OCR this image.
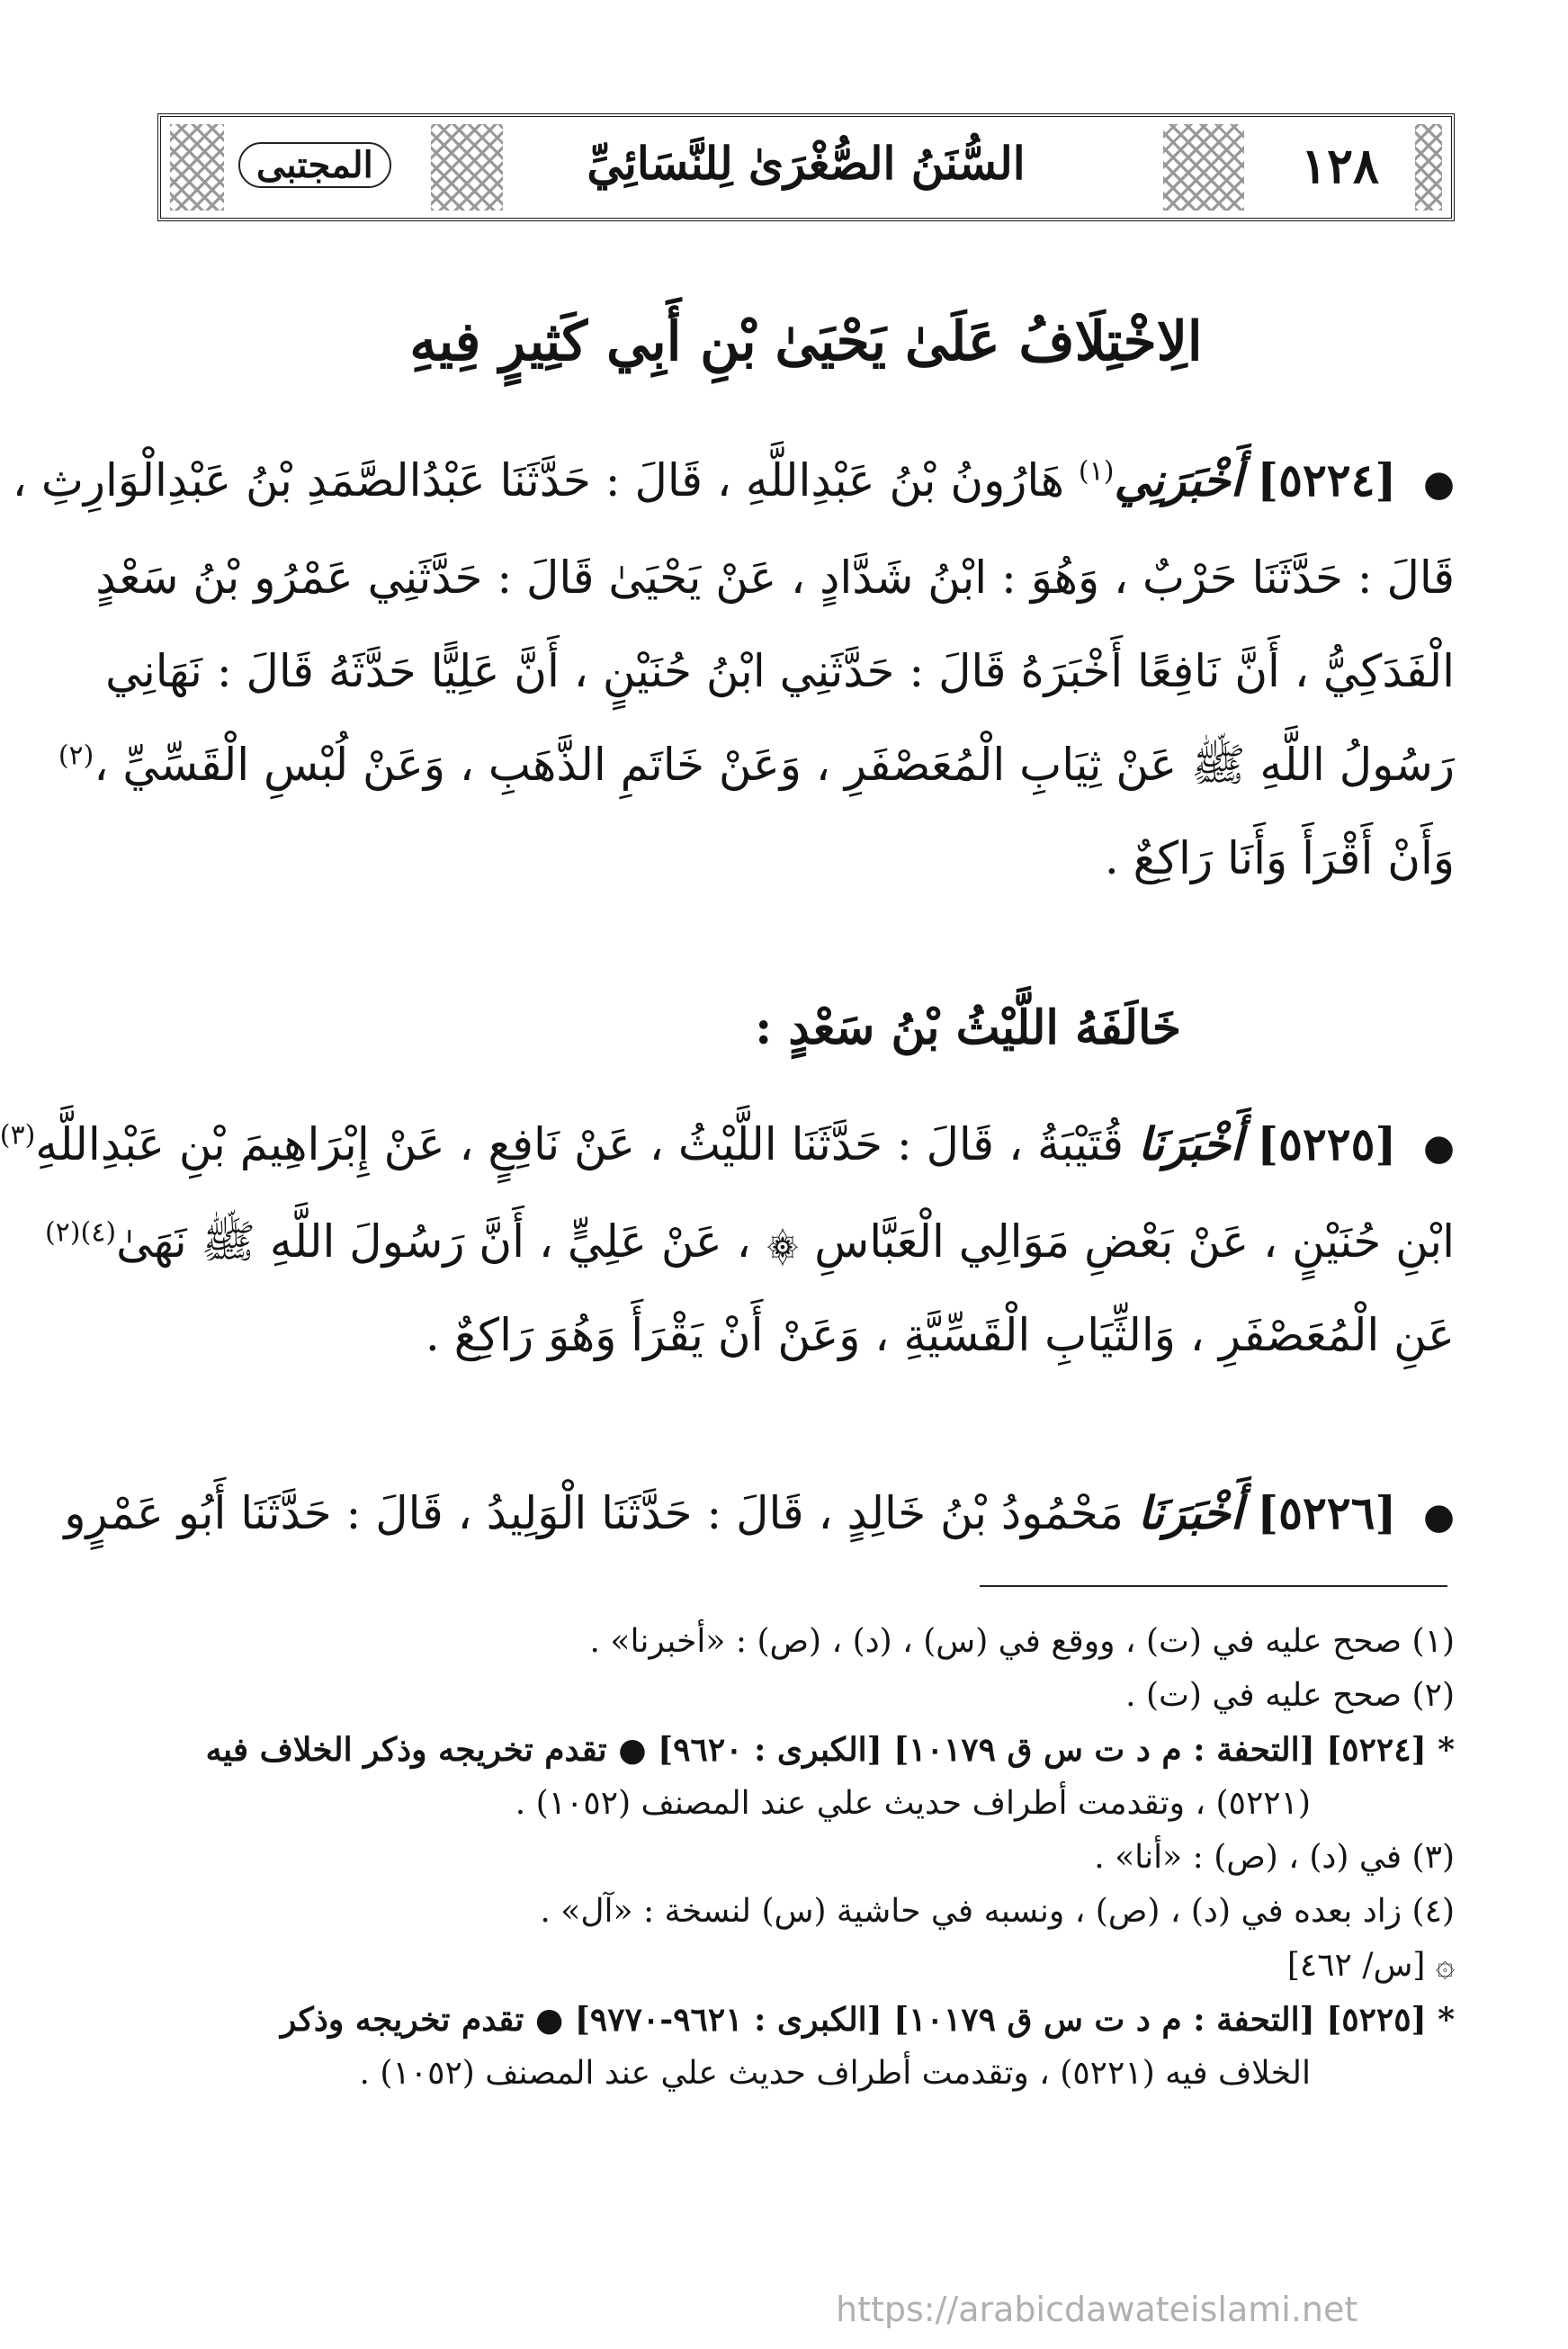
١٢٨
السُّنَنُ الصُّغْرَىٰ لِلنَّسَائِيِّ
المجتبى
الِاخْتِلَافُ عَلَىٰ يَحْيَىٰ بْنِ أَبِي كَثِيرٍ فِيهِ
● [٥٢٢٤] أَخْبَرَنِي$^{(١)}$ هَارُونُ بْنُ عَبْدِاللَّهِ ، قَالَ : حَدَّثَنَا عَبْدُالصَّمَدِ بْنُ عَبْدِالْوَارِثِ ،
قَالَ : حَدَّثَنَا حَرْبٌ ، وَهُوَ : ابْنُ شَدَّادٍ ، عَنْ يَحْيَىٰ قَالَ : حَدَّثَنِي عَمْرُو بْنُ سَعْدٍ
الْفَدَكِيُّ ، أَنَّ نَافِعًا أَخْبَرَهُ قَالَ : حَدَّثَنِي ابْنُ حُنَيْنٍ ، أَنَّ عَلِيًّا حَدَّثَهُ قَالَ : نَهَانِي
رَسُولُ اللَّهِ ﷺ عَنْ ثِيَابِ الْمُعَصْفَرِ ، وَعَنْ خَاتَمِ الذَّهَبِ ، وَعَنْ لُبْسِ الْقَسِّيِّ ،$^{(٢)}$
وَأَنْ أَقْرَأَ وَأَنَا رَاكِعٌ .
خَالَفَهُ اللَّيْثُ بْنُ سَعْدٍ :
● [٥٢٢٥] أَخْبَرَنَا قُتَيْبَةُ ، قَالَ : حَدَّثَنَا اللَّيْثُ ، عَنْ نَافِعٍ ، عَنْ إِبْرَاهِيمَ بْنِ عَبْدِاللَّهِ$^{(٣)}$
ابْنِ حُنَيْنٍ ، عَنْ بَعْضِ مَوَالِي الْعَبَّاسِ ۞ ، عَنْ عَلِيٍّ ، أَنَّ رَسُولَ اللَّهِ ﷺ نَهَىٰ$^{(٤)(٢)}$
عَنِ الْمُعَصْفَرِ ، وَالثِّيَابِ الْقَسِّيَّةِ ، وَعَنْ أَنْ يَقْرَأَ وَهُوَ رَاكِعٌ .
● [٥٢٢٦] أَخْبَرَنَا مَحْمُودُ بْنُ خَالِدٍ ، قَالَ : حَدَّثَنَا الْوَلِيدُ ، قَالَ : حَدَّثَنَا أَبُو عَمْرٍو
(١) صحح عليه في (ت) ، ووقع في (س) ، (د) ، (ص) : «أخبرنا» .
(٢) صحح عليه في (ت) .
* [٥٢٢٤] [التحفة : م د ت س ق ١٠١٧٩] [الكبرى : ٩٦٢٠] ● تقدم تخريجه وذكر الخلاف فيه
(٥٢٢١) ، وتقدمت أطراف حديث علي عند المصنف (١٠٥٢) .
(٣) في (د) ، (ص) : «أنا» .
(٤) زاد بعده في (د) ، (ص) ، ونسبه في حاشية (س) لنسخة : «آل» .
۞ [س/ ٤٦٢]
* [٥٢٢٥] [التحفة : م د ت س ق ١٠١٧٩] [الكبرى : ٩٦٢١-٩٧٧٠] ● تقدم تخريجه وذكر
الخلاف فيه (٥٢٢١) ، وتقدمت أطراف حديث علي عند المصنف (١٠٥٢) .
https://arabicdawateislami.net
